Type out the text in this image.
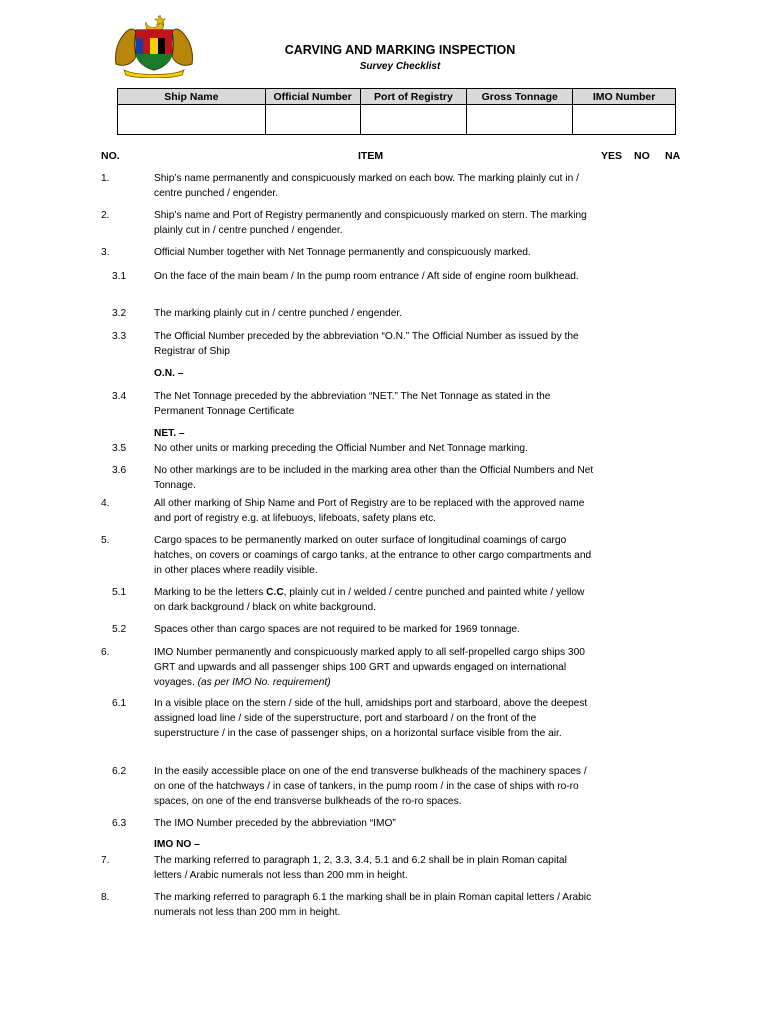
CARVING AND MARKING INSPECTION
Survey Checklist
Ship Name	Official Number	Port of Registry	Gross Tonnage	IMO Number

NO.	ITEM	YES NO NA
1.	Ship’s name permanently and conspicuously marked on each bow. The marking plainly cut in / centre punched / engender.
2.	Ship’s name and Port of Registry permanently and conspicuously marked on stern. The marking plainly cut in / centre punched / engender.
3.	Official Number together with Net Tonnage permanently and conspicuously marked.
3.1	On the face of the main beam / In the pump room entrance / Aft side of engine room bulkhead.
3.2	The marking plainly cut in / centre punched / engender.
3.3	The Official Number preceded by the abbreviation “O.N.” The Official Number as issued by the Registrar of Ship
O.N. –
3.4	The Net Tonnage preceded by the abbreviation “NET.” The Net Tonnage as stated in the Permanent Tonnage Certificate
NET. –
3.5	No other units or marking preceding the Official Number and Net Tonnage marking.
3.6	No other markings are to be included in the marking area other than the Official Numbers and Net Tonnage.
4.	All other marking of Ship Name and Port of Registry are to be replaced with the approved name and port of registry e.g. at lifebuoys, lifeboats, safety plans etc.
5.	Cargo spaces to be permanently marked on outer surface of longitudinal coamings of cargo hatches, on covers or coamings of cargo tanks, at the entrance to other cargo compartments and in other places where readily visible.
5.1	Marking to be the letters C.C, plainly cut in / welded / centre punched and painted white / yellow on dark background / black on white background.
5.2	Spaces other than cargo spaces are not required to be marked for 1969 tonnage.
6.	IMO Number permanently and conspicuously marked apply to all self-propelled cargo ships 300 GRT and upwards and all passenger ships 100 GRT and upwards engaged on international voyages. (as per IMO No. requirement)
6.1	In a visible place on the stern / side of the hull, amidships port and starboard, above the deepest assigned load line / side of the superstructure, port and starboard / on the front of the superstructure / in the case of passenger ships, on a horizontal surface visible from the air.
6.2	In the easily accessible place on one of the end transverse bulkheads of the machinery spaces / on one of the hatchways / in case of tankers, in the pump room / in the case of ships with ro-ro spaces, on one of the end transverse bulkheads of the ro-ro spaces.
6.3	The IMO Number preceded by the abbreviation “IMO”
IMO NO –
7.	The marking referred to paragraph 1, 2, 3.3, 3.4, 5.1 and 6.2 shall be in plain Roman capital letters / Arabic numerals not less than 200 mm in height.
8.	The marking referred to paragraph 6.1 the marking shall be in plain Roman capital letters / Arabic numerals not less than 200 mm in height.
